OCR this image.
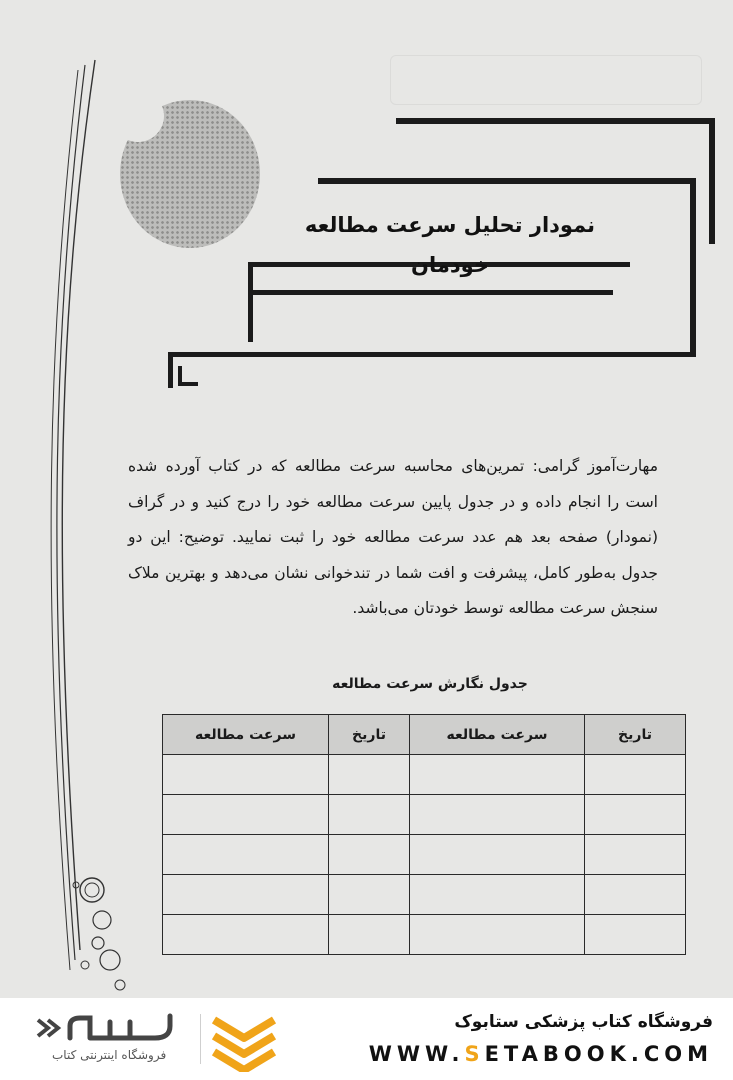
نمودار تحلیل سرعت مطالعه خودمان

مهارت‌آموز گرامی: تمرین‌های محاسبه سرعت مطالعه که در کتاب آورده شده است را انجام داده و در جدول پایین سرعت مطالعه خود را درج کنید و در گراف (نمودار) صفحه بعد هم عدد سرعت مطالعه خود را ثبت نمایید. توضیح: این دو جدول به‌طور کامل، پیشرفت و افت شما در تندخوانی نشان می‌دهد و بهترین ملاک سنجش سرعت مطالعه توسط خودتان می‌باشد.

جدول نگارش سرعت مطالعه
تاریخ	سرعت مطالعه	تاریخ	سرعت مطالعه

فروشگاه اینترنتی کتاب
فروشگاه کتاب پزشکی ستابوک
WWW.SETABOOK.COM
